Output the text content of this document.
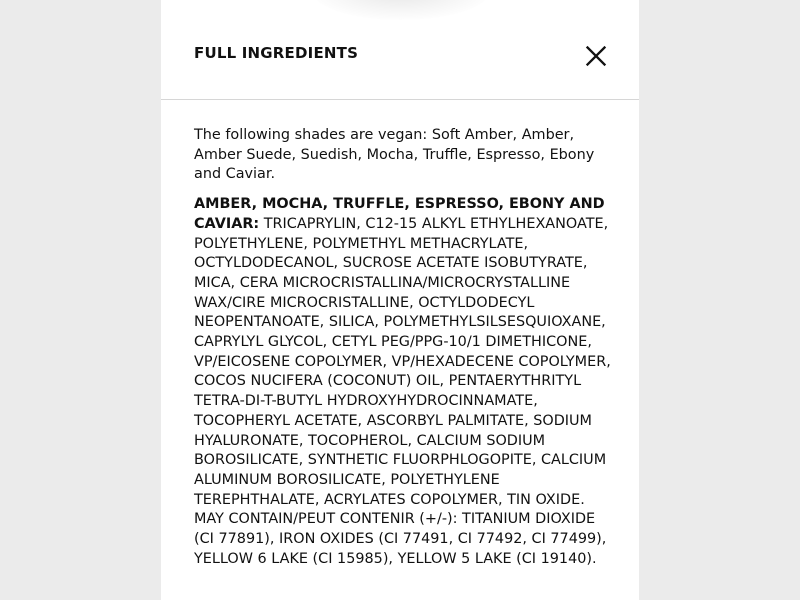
FULL INGREDIENTS

The following shades are vegan: Soft Amber, Amber, Amber Suede, Suedish, Mocha, Truffle, Espresso, Ebony and Caviar.

AMBER, MOCHA, TRUFFLE, ESPRESSO, EBONY AND CAVIAR: TRICAPRYLIN, C12-15 ALKYL ETHYLHEXANOATE, POLYETHYLENE, POLYMETHYL METHACRYLATE, OCTYLDODECANOL, SUCROSE ACETATE ISOBUTYRATE, MICA, CERA MICROCRISTALLINA/MICROCRYSTALLINE WAX/CIRE MICROCRISTALLINE, OCTYLDODECYL NEOPENTANOATE, SILICA, POLYMETHYLSILSESQUIOXANE, CAPRYLYL GLYCOL, CETYL PEG/PPG-10/1 DIMETHICONE, VP/EICOSENE COPOLYMER, VP/HEXADECENE COPOLYMER, COCOS NUCIFERA (COCONUT) OIL, PENTAERYTHRITYL TETRA-DI-T-BUTYL HYDROXYHYDROCINNAMATE, TOCOPHERYL ACETATE, ASCORBYL PALMITATE, SODIUM HYALURONATE, TOCOPHEROL, CALCIUM SODIUM BOROSILICATE, SYNTHETIC FLUORPHLOGOPITE, CALCIUM ALUMINUM BOROSILICATE, POLYETHYLENE TEREPHTHALATE, ACRYLATES COPOLYMER, TIN OXIDE. MAY CONTAIN/PEUT CONTENIR (+/-): TITANIUM DIOXIDE (CI 77891), IRON OXIDES (CI 77491, CI 77492, CI 77499), YELLOW 6 LAKE (CI 15985), YELLOW 5 LAKE (CI 19140).
